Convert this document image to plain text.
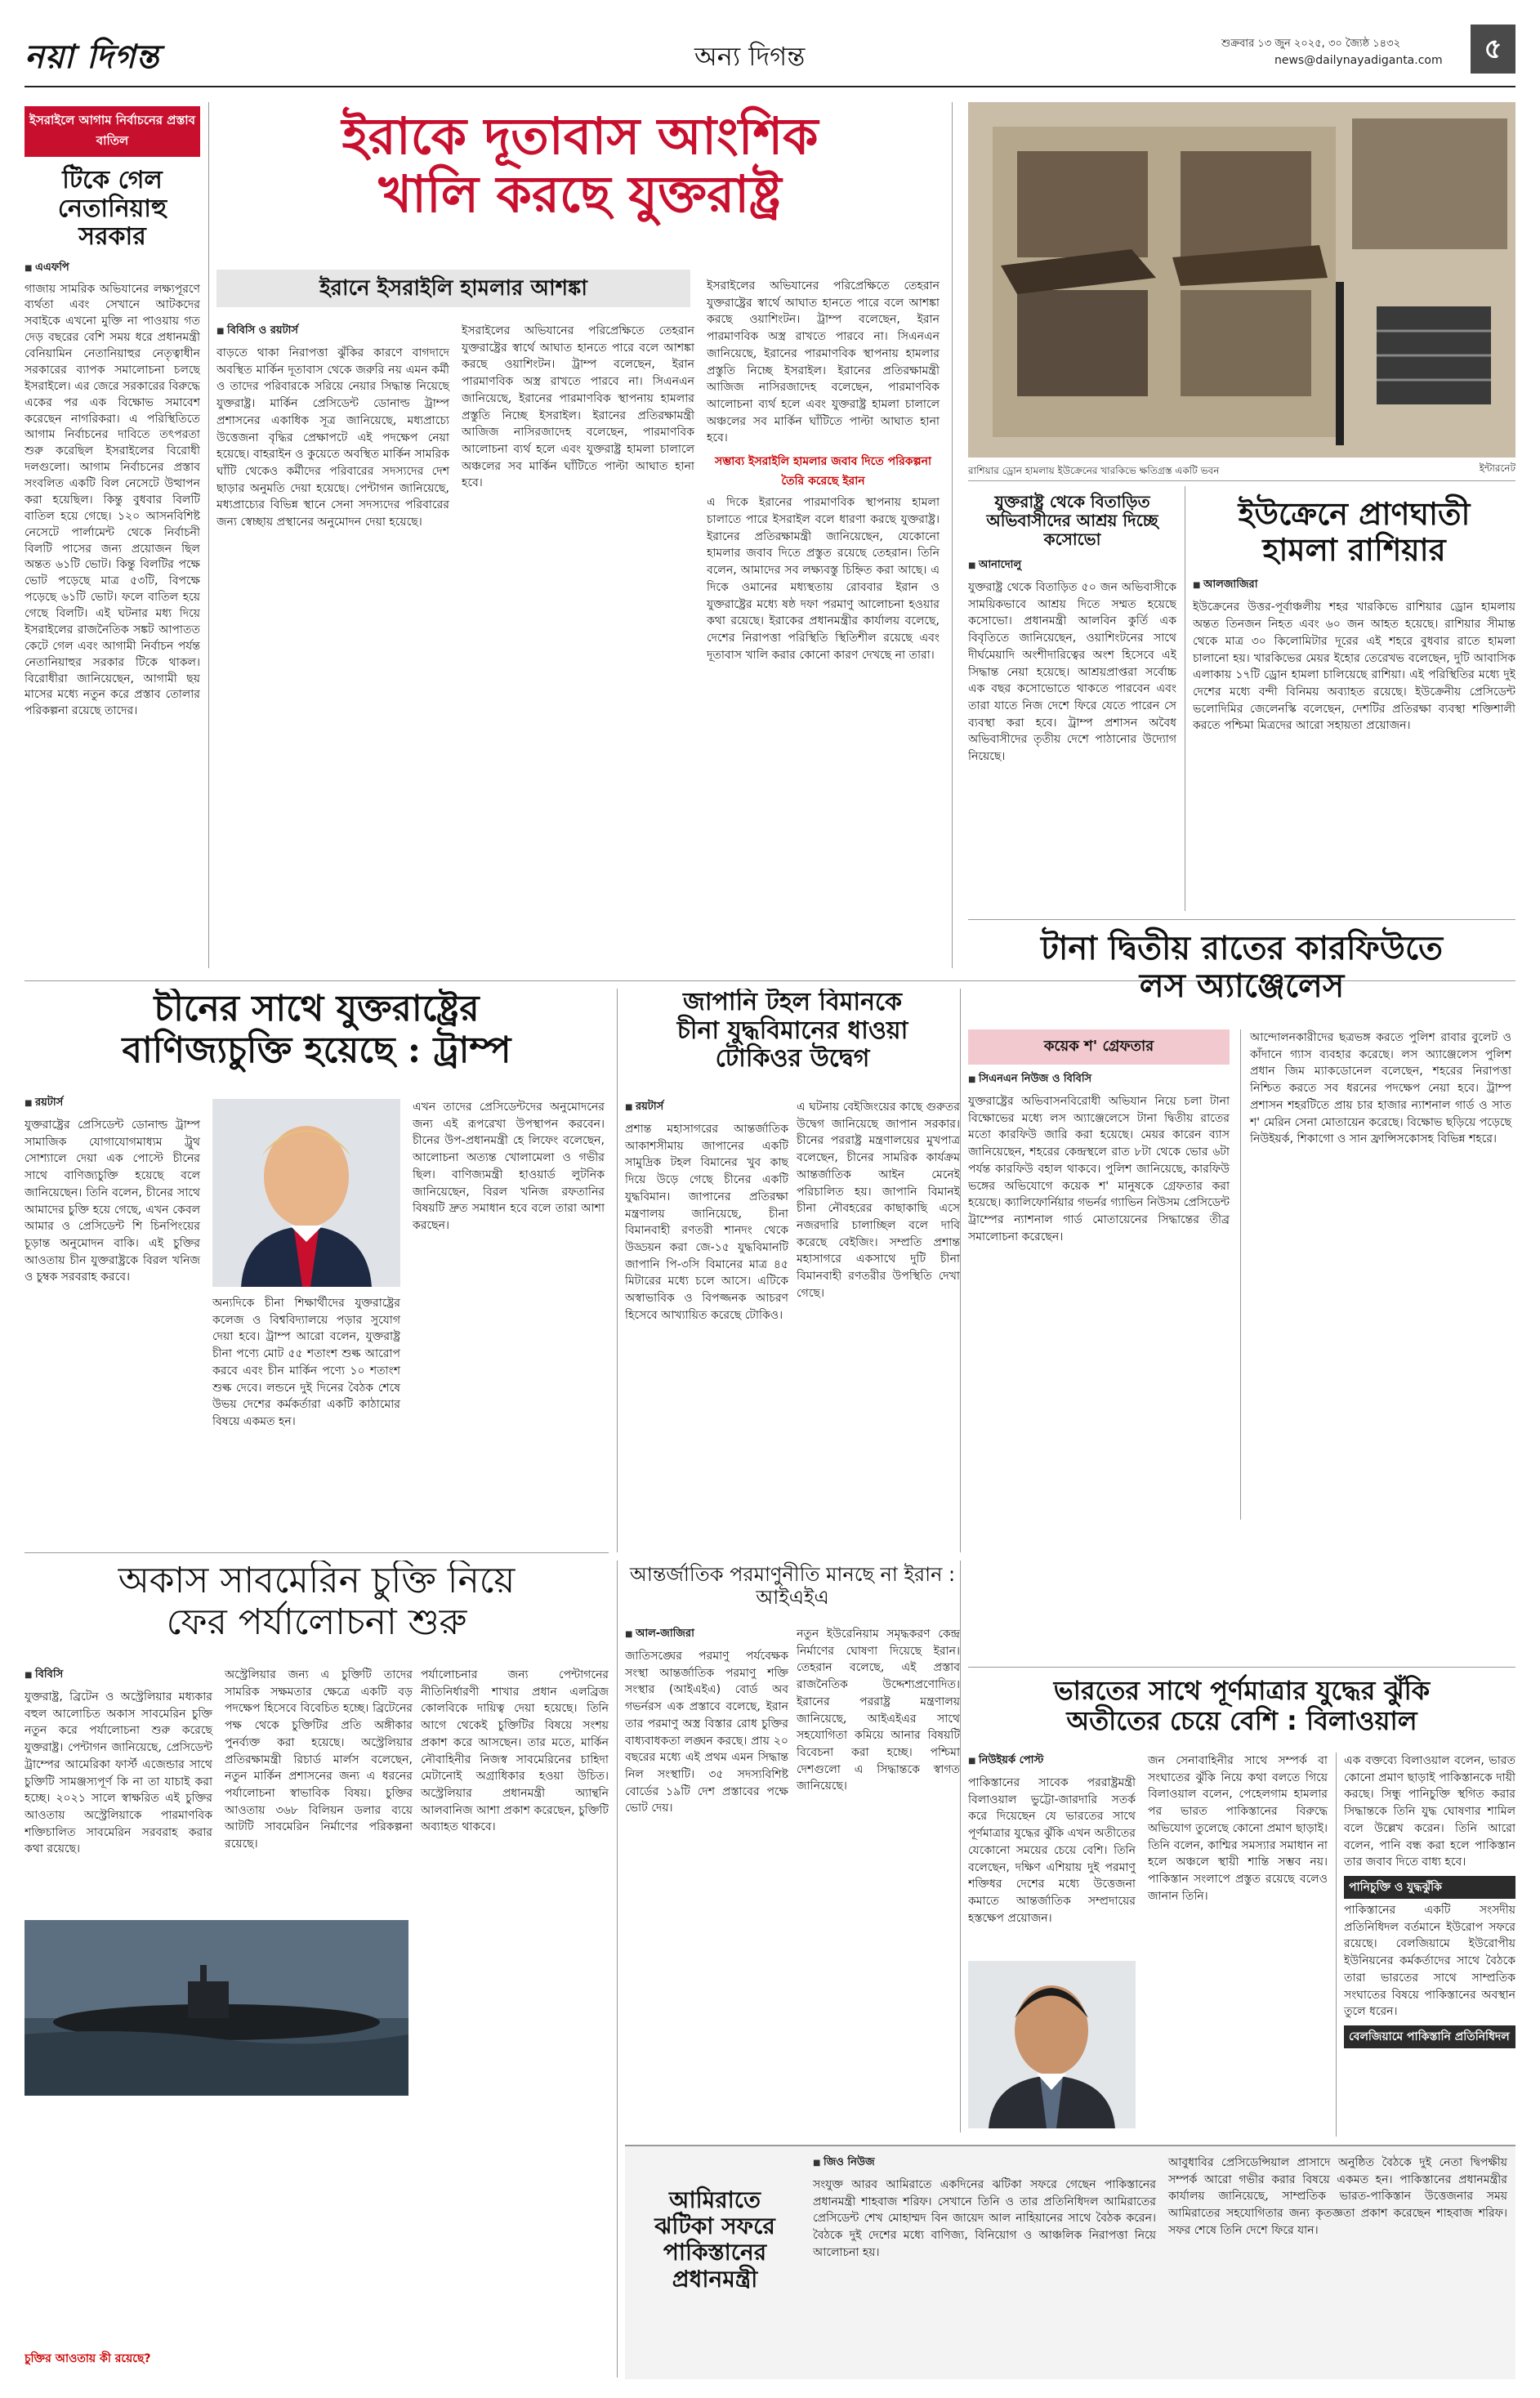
নয়া দিগন্ত	অন্য দিগন্ত	শুক্রবার ১৩ জুন ২০২৫, ৩০ জ্যৈষ্ঠ ১৪৩২
news@dailynayadiganta.com	৫
ইসরাইলে আগাম নির্বাচনের প্রস্তাব বাতিল
টিকে গেল নেতানিয়াহু সরকার
■ এএফপি
গাজায় সামরিক অভিযানের লক্ষ্যপূরণে ব্যর্থতা এবং সেখানে আটকদের সবাইকে এখনো মুক্তি না পাওয়ায় গত দেড় বছরের বেশি সময় ধরে প্রধানমন্ত্রী বেনিয়ামিন নেতানিয়াহুর নেতৃত্বাধীন সরকারের ব্যাপক সমালোচনা চলছে ইসরাইলে। এর জেরে সরকারের বিরুদ্ধে একের পর এক বিক্ষোভ সমাবেশ করেছেন নাগরিকরা। এ পরিস্থিতিতে আগাম নির্বাচনের দাবিতে তৎপরতা শুরু করেছিল ইসরাইলের বিরোধী দলগুলো। আগাম নির্বাচনের প্রস্তাব সংবলিত একটি বিল নেসেটে উত্থাপন করা হয়েছিল। কিন্তু বুধবার বিলটি বাতিল হয়ে গেছে। ১২০ আসনবিশিষ্ট নেসেটে পার্লামেন্ট থেকে নির্বাচনী বিলটি পাসের জন্য প্রয়োজন ছিল অন্তত ৬১টি ভোট। কিন্তু বিলটির পক্ষে ভোট পড়েছে মাত্র ৫৩টি, বিপক্ষে পড়েছে ৬১টি ভোট। ফলে বাতিল হয়ে গেছে বিলটি। এই ঘটনার মধ্য দিয়ে ইসরাইলের রাজনৈতিক সঙ্কট আপাতত কেটে গেল এবং আগামী নির্বাচন পর্যন্ত নেতানিয়াহুর সরকার টিকে থাকল। বিরোধীরা জানিয়েছেন, আগামী ছয় মাসের মধ্যে নতুন করে প্রস্তাব তোলার পরিকল্পনা রয়েছে তাদের।
ইরাকে দূতাবাস আংশিক
খালি করছে যুক্তরাষ্ট্র
ইরানে ইসরাইলি হামলার আশঙ্কা
■ বিবিসি ও রয়টার্স
বাড়তে থাকা নিরাপত্তা ঝুঁকির কারণে বাগদাদে অবস্থিত মার্কিন দূতাবাস থেকে জরুরি নয় এমন কর্মী ও তাদের পরিবারকে সরিয়ে নেয়ার সিদ্ধান্ত নিয়েছে যুক্তরাষ্ট্র। মার্কিন প্রেসিডেন্ট ডোনাল্ড ট্রাম্প প্রশাসনের একাধিক সূত্র জানিয়েছে, মধ্যপ্রাচ্যে উত্তেজনা বৃদ্ধির প্রেক্ষাপটে এই পদক্ষেপ নেয়া হয়েছে। বাহরাইন ও কুয়েতে অবস্থিত মার্কিন সামরিক ঘাঁটি থেকেও কর্মীদের পরিবারের সদস্যদের দেশ ছাড়ার অনুমতি দেয়া হয়েছে। পেন্টাগন জানিয়েছে, মধ্যপ্রাচ্যের বিভিন্ন স্থানে সেনা সদস্যদের পরিবারের জন্য স্বেচ্ছায় প্রস্থানের অনুমোদন দেয়া হয়েছে।
ইসরাইলের অভিযানের পরিপ্রেক্ষিতে তেহরান যুক্তরাষ্ট্রের স্বার্থে আঘাত হানতে পারে বলে আশঙ্কা করছে ওয়াশিংটন। ট্রাম্প বলেছেন, ইরান পারমাণবিক অস্ত্র রাখতে পারবে না। সিএনএন জানিয়েছে, ইরানের পারমাণবিক স্থাপনায় হামলার প্রস্তুতি নিচ্ছে ইসরাইল। ইরানের প্রতিরক্ষামন্ত্রী আজিজ নাসিরজাদেহ বলেছেন, পারমাণবিক আলোচনা ব্যর্থ হলে এবং যুক্তরাষ্ট্র হামলা চালালে অঞ্চলের সব মার্কিন ঘাঁটিতে পাল্টা আঘাত হানা হবে।
ইসরাইলের অভিযানের পরিপ্রেক্ষিতে তেহরান যুক্তরাষ্ট্রের স্বার্থে আঘাত হানতে পারে বলে আশঙ্কা করছে ওয়াশিংটন। ট্রাম্প বলেছেন, ইরান পারমাণবিক অস্ত্র রাখতে পারবে না। সিএনএন জানিয়েছে, ইরানের পারমাণবিক স্থাপনায় হামলার প্রস্তুতি নিচ্ছে ইসরাইল। ইরানের প্রতিরক্ষামন্ত্রী আজিজ নাসিরজাদেহ বলেছেন, পারমাণবিক আলোচনা ব্যর্থ হলে এবং যুক্তরাষ্ট্র হামলা চালালে অঞ্চলের সব মার্কিন ঘাঁটিতে পাল্টা আঘাত হানা হবে।
সম্ভাব্য ইসরাইলি হামলার জবাব দিতে পরিকল্পনা তৈরি করেছে ইরান
এ দিকে ইরানের পারমাণবিক স্থাপনায় হামলা চালাতে পারে ইসরাইল বলে ধারণা করছে যুক্তরাষ্ট্র। ইরানের প্রতিরক্ষামন্ত্রী জানিয়েছেন, যেকোনো হামলার জবাব দিতে প্রস্তুত রয়েছে তেহরান। তিনি বলেন, আমাদের সব লক্ষ্যবস্তু চিহ্নিত করা আছে। এ দিকে ওমানের মধ্যস্থতায় রোববার ইরান ও যুক্তরাষ্ট্রের মধ্যে ষষ্ঠ দফা পরমাণু আলোচনা হওয়ার কথা রয়েছে। ইরাকের প্রধানমন্ত্রীর কার্যালয় বলেছে, দেশের নিরাপত্তা পরিস্থিতি স্থিতিশীল রয়েছে এবং দূতাবাস খালি করার কোনো কারণ দেখছে না তারা।
রাশিয়ার ড্রোন হামলায় ইউক্রেনের খারকিভে ক্ষতিগ্রস্ত একটি ভবন	ইন্টারনেট
যুক্তরাষ্ট্র থেকে বিতাড়িত অভিবাসীদের আশ্রয় দিচ্ছে কসোভো
■ আনাদোলু
যুক্তরাষ্ট্র থেকে বিতাড়িত ৫০ জন অভিবাসীকে সাময়িকভাবে আশ্রয় দিতে সম্মত হয়েছে কসোভো। প্রধানমন্ত্রী আলবিন কুর্তি এক বিবৃতিতে জানিয়েছেন, ওয়াশিংটনের সাথে দীর্ঘমেয়াদি অংশীদারিত্বের অংশ হিসেবে এই সিদ্ধান্ত নেয়া হয়েছে। আশ্রয়প্রাপ্তরা সর্বোচ্চ এক বছর কসোভোতে থাকতে পারবেন এবং তারা যাতে নিজ দেশে ফিরে যেতে পারেন সে ব্যবস্থা করা হবে। ট্রাম্প প্রশাসন অবৈধ অভিবাসীদের তৃতীয় দেশে পাঠানোর উদ্যোগ নিয়েছে।
ইউক্রেনে প্রাণঘাতী
হামলা রাশিয়ার
■ আলজাজিরা
ইউক্রেনের উত্তর-পূর্বাঞ্চলীয় শহর খারকিভে রাশিয়ার ড্রোন হামলায় অন্তত তিনজন নিহত এবং ৬০ জন আহত হয়েছে। রাশিয়ার সীমান্ত থেকে মাত্র ৩০ কিলোমিটার দূরের এই শহরে বুধবার রাতে হামলা চালানো হয়। খারকিভের মেয়র ইহোর তেরেখভ বলেছেন, দুটি আবাসিক এলাকায় ১৭টি ড্রোন হামলা চালিয়েছে রাশিয়া। এই পরিস্থিতির মধ্যে দুই দেশের মধ্যে বন্দী বিনিময় অব্যাহত রয়েছে। ইউক্রেনীয় প্রেসিডেন্ট ভলোদিমির জেলেনস্কি বলেছেন, দেশটির প্রতিরক্ষা ব্যবস্থা শক্তিশালী করতে পশ্চিমা মিত্রদের আরো সহায়তা প্রয়োজন।
টানা দ্বিতীয় রাতের কারফিউতে
লস অ্যাঞ্জেলেস
কয়েক শ' গ্রেফতার
■ সিএনএন নিউজ ও বিবিসি
যুক্তরাষ্ট্রের অভিবাসনবিরোধী অভিযান নিয়ে চলা টানা বিক্ষোভের মধ্যে লস অ্যাঞ্জেলেসে টানা দ্বিতীয় রাতের মতো কারফিউ জারি করা হয়েছে। মেয়র কারেন ব্যাস জানিয়েছেন, শহরের কেন্দ্রস্থলে রাত ৮টা থেকে ভোর ৬টা পর্যন্ত কারফিউ বহাল থাকবে। পুলিশ জানিয়েছে, কারফিউ ভঙ্গের অভিযোগে কয়েক শ' মানুষকে গ্রেফতার করা হয়েছে। ক্যালিফোর্নিয়ার গভর্নর গ্যাভিন নিউসম প্রেসিডেন্ট ট্রাম্পের ন্যাশনাল গার্ড মোতায়েনের সিদ্ধান্তের তীব্র সমালোচনা করেছেন।
আন্দোলনকারীদের ছত্রভঙ্গ করতে পুলিশ রাবার বুলেট ও কাঁদানে গ্যাস ব্যবহার করেছে। লস অ্যাঞ্জেলেস পুলিশ প্রধান জিম ম্যাকডোনেল বলেছেন, শহরের নিরাপত্তা নিশ্চিত করতে সব ধরনের পদক্ষেপ নেয়া হবে। ট্রাম্প প্রশাসন শহরটিতে প্রায় চার হাজার ন্যাশনাল গার্ড ও সাত শ' মেরিন সেনা মোতায়েন করেছে। বিক্ষোভ ছড়িয়ে পড়েছে নিউইয়র্ক, শিকাগো ও সান ফ্রান্সিসকোসহ বিভিন্ন শহরে।
চীনের সাথে যুক্তরাষ্ট্রের
বাণিজ্যচুক্তি হয়েছে : ট্রাম্প
■ রয়টার্স
যুক্তরাষ্ট্রের প্রেসিডেন্ট ডোনাল্ড ট্রাম্প সামাজিক যোগাযোগমাধ্যম ট্রুথ সোশ্যালে দেয়া এক পোস্টে চীনের সাথে বাণিজ্যচুক্তি হয়েছে বলে জানিয়েছেন। তিনি বলেন, চীনের সাথে আমাদের চুক্তি হয়ে গেছে, এখন কেবল আমার ও প্রেসিডেন্ট শি চিনপিংয়ের চূড়ান্ত অনুমোদন বাকি। এই চুক্তির আওতায় চীন যুক্তরাষ্ট্রকে বিরল খনিজ ও চুম্বক সরবরাহ করবে।
অন্যদিকে চীনা শিক্ষার্থীদের যুক্তরাষ্ট্রের কলেজ ও বিশ্ববিদ্যালয়ে পড়ার সুযোগ দেয়া হবে। ট্রাম্প আরো বলেন, যুক্তরাষ্ট্র চীনা পণ্যে মোট ৫৫ শতাংশ শুল্ক আরোপ করবে এবং চীন মার্কিন পণ্যে ১০ শতাংশ শুল্ক দেবে। লন্ডনে দুই দিনের বৈঠক শেষে উভয় দেশের কর্মকর্তারা একটি কাঠামোর বিষয়ে একমত হন।
এখন তাদের প্রেসিডেন্টদের অনুমোদনের জন্য এই রূপরেখা উপস্থাপন করবেন। চীনের উপ-প্রধানমন্ত্রী হে লিফেং বলেছেন, আলোচনা অত্যন্ত খোলামেলা ও গভীর ছিল। বাণিজ্যমন্ত্রী হাওয়ার্ড লুটনিক জানিয়েছেন, বিরল খনিজ রফতানির বিষয়টি দ্রুত সমাধান হবে বলে তারা আশা করছেন।
জাপানি টহল বিমানকে
চীনা যুদ্ধবিমানের ধাওয়া
টোকিওর উদ্বেগ
■ রয়টার্স
প্রশান্ত মহাসাগরের আন্তর্জাতিক আকাশসীমায় জাপানের একটি সামুদ্রিক টহল বিমানের খুব কাছ দিয়ে উড়ে গেছে চীনের একটি যুদ্ধবিমান। জাপানের প্রতিরক্ষা মন্ত্রণালয় জানিয়েছে, চীনা বিমানবাহী রণতরী শানদং থেকে উড্ডয়ন করা জে-১৫ যুদ্ধবিমানটি জাপানি পি-৩সি বিমানের মাত্র ৪৫ মিটারের মধ্যে চলে আসে। এটিকে অস্বাভাবিক ও বিপজ্জনক আচরণ হিসেবে আখ্যায়িত করেছে টোকিও।
এ ঘটনায় বেইজিংয়ের কাছে গুরুতর উদ্বেগ জানিয়েছে জাপান সরকার। চীনের পররাষ্ট্র মন্ত্রণালয়ের মুখপাত্র বলেছেন, চীনের সামরিক কার্যক্রম আন্তর্জাতিক আইন মেনেই পরিচালিত হয়। জাপানি বিমানই চীনা নৌবহরের কাছাকাছি এসে নজরদারি চালাচ্ছিল বলে দাবি করেছে বেইজিং। সম্প্রতি প্রশান্ত মহাসাগরে একসাথে দুটি চীনা বিমানবাহী রণতরীর উপস্থিতি দেখা গেছে।
অকাস সাবমেরিন চুক্তি নিয়ে
ফের পর্যালোচনা শুরু
■ বিবিসি
যুক্তরাষ্ট্র, ব্রিটেন ও অস্ট্রেলিয়ার মধ্যকার বহুল আলোচিত অকাস সাবমেরিন চুক্তি নতুন করে পর্যালোচনা শুরু করেছে যুক্তরাষ্ট্র। পেন্টাগন জানিয়েছে, প্রেসিডেন্ট ট্রাম্পের আমেরিকা ফার্স্ট এজেন্ডার সাথে চুক্তিটি সামঞ্জস্যপূর্ণ কি না তা যাচাই করা হচ্ছে। ২০২১ সালে স্বাক্ষরিত এই চুক্তির আওতায় অস্ট্রেলিয়াকে পারমাণবিক শক্তিচালিত সাবমেরিন সরবরাহ করার কথা রয়েছে।
অস্ট্রেলিয়ার জন্য এ চুক্তিটি তাদের সামরিক সক্ষমতার ক্ষেত্রে একটি বড় পদক্ষেপ হিসেবে বিবেচিত হচ্ছে। ব্রিটেনের পক্ষ থেকে চুক্তিটির প্রতি অঙ্গীকার পুনর্ব্যক্ত করা হয়েছে। অস্ট্রেলিয়ার প্রতিরক্ষামন্ত্রী রিচার্ড মার্লস বলেছেন, নতুন মার্কিন প্রশাসনের জন্য এ ধরনের পর্যালোচনা স্বাভাবিক বিষয়। চুক্তির আওতায় ৩৬৮ বিলিয়ন ডলার ব্যয়ে আটটি সাবমেরিন নির্মাণের পরিকল্পনা রয়েছে।
পর্যালোচনার জন্য পেন্টাগনের নীতিনির্ধারণী শাখার প্রধান এলব্রিজ কোলবিকে দায়িত্ব দেয়া হয়েছে। তিনি আগে থেকেই চুক্তিটির বিষয়ে সংশয় প্রকাশ করে আসছেন। তার মতে, মার্কিন নৌবাহিনীর নিজস্ব সাবমেরিনের চাহিদা মেটানোই অগ্রাধিকার হওয়া উচিত। অস্ট্রেলিয়ার প্রধানমন্ত্রী অ্যান্থনি আলবানিজ আশা প্রকাশ করেছেন, চুক্তিটি অব্যাহত থাকবে।
চুক্তির আওতায় কী রয়েছে?
আন্তর্জাতিক পরমাণুনীতি মানছে না ইরান : আইএইএ
■ আল-জাজিরা
জাতিসঙ্ঘের পরমাণু পর্যবেক্ষক সংস্থা আন্তর্জাতিক পরমাণু শক্তি সংস্থার (আইএইএ) বোর্ড অব গভর্নরস এক প্রস্তাবে বলেছে, ইরান তার পরমাণু অস্ত্র বিস্তার রোধ চুক্তির বাধ্যবাধকতা লঙ্ঘন করছে। প্রায় ২০ বছরের মধ্যে এই প্রথম এমন সিদ্ধান্ত নিল সংস্থাটি। ৩৫ সদস্যবিশিষ্ট বোর্ডের ১৯টি দেশ প্রস্তাবের পক্ষে ভোট দেয়।
নতুন ইউরেনিয়াম সমৃদ্ধকরণ কেন্দ্র নির্মাণের ঘোষণা দিয়েছে ইরান। তেহরান বলেছে, এই প্রস্তাব রাজনৈতিক উদ্দেশ্যপ্রণোদিত। ইরানের পররাষ্ট্র মন্ত্রণালয় জানিয়েছে, আইএইএর সাথে সহযোগিতা কমিয়ে আনার বিষয়টি বিবেচনা করা হচ্ছে। পশ্চিমা দেশগুলো এ সিদ্ধান্তকে স্বাগত জানিয়েছে।
ভারতের সাথে পূর্ণমাত্রার যুদ্ধের ঝুঁকি
অতীতের চেয়ে বেশি : বিলাওয়াল
■ নিউইয়র্ক পোস্ট
পাকিস্তানের সাবেক পররাষ্ট্রমন্ত্রী বিলাওয়াল ভুট্টো-জারদারি সতর্ক করে দিয়েছেন যে ভারতের সাথে পূর্ণমাত্রার যুদ্ধের ঝুঁকি এখন অতীতের যেকোনো সময়ের চেয়ে বেশি। তিনি বলেছেন, দক্ষিণ এশিয়ায় দুই পরমাণু শক্তিধর দেশের মধ্যে উত্তেজনা কমাতে আন্তর্জাতিক সম্প্রদায়ের হস্তক্ষেপ প্রয়োজন।
জন সেনাবাহিনীর সাথে সম্পর্ক বা সংঘাতের ঝুঁকি নিয়ে কথা বলতে গিয়ে বিলাওয়াল বলেন, পেহেলগাম হামলার পর ভারত পাকিস্তানের বিরুদ্ধে অভিযোগ তুলেছে কোনো প্রমাণ ছাড়াই। তিনি বলেন, কাশ্মির সমস্যার সমাধান না হলে অঞ্চলে স্থায়ী শান্তি সম্ভব নয়। পাকিস্তান সংলাপে প্রস্তুত রয়েছে বলেও জানান তিনি।
এক বক্তব্যে বিলাওয়াল বলেন, ভারত কোনো প্রমাণ ছাড়াই পাকিস্তানকে দায়ী করছে। সিন্ধু পানিচুক্তি স্থগিত করার সিদ্ধান্তকে তিনি যুদ্ধ ঘোষণার শামিল বলে উল্লেখ করেন। তিনি আরো বলেন, পানি বন্ধ করা হলে পাকিস্তান তার জবাব দিতে বাধ্য হবে।
পানিচুক্তি ও যুদ্ধঝুঁকি
পাকিস্তানের একটি সংসদীয় প্রতিনিধিদল বর্তমানে ইউরোপ সফরে রয়েছে। বেলজিয়ামে ইউরোপীয় ইউনিয়নের কর্মকর্তাদের সাথে বৈঠকে তারা ভারতের সাথে সাম্প্রতিক সংঘাতের বিষয়ে পাকিস্তানের অবস্থান তুলে ধরেন।
বেলজিয়ামে পাকিস্তানি প্রতিনিধিদল
আমিরাতে
ঝটিকা সফরে
পাকিস্তানের
প্রধানমন্ত্রী
■ জিও নিউজ
সংযুক্ত আরব আমিরাতে একদিনের ঝটিকা সফরে গেছেন পাকিস্তানের প্রধানমন্ত্রী শাহবাজ শরিফ। সেখানে তিনি ও তার প্রতিনিধিদল আমিরাতের প্রেসিডেন্ট শেখ মোহাম্মদ বিন জায়েদ আল নাহিয়ানের সাথে বৈঠক করেন। বৈঠকে দুই দেশের মধ্যে বাণিজ্য, বিনিয়োগ ও আঞ্চলিক নিরাপত্তা নিয়ে আলোচনা হয়।
আবুধাবির প্রেসিডেন্সিয়াল প্রাসাদে অনুষ্ঠিত বৈঠকে দুই নেতা দ্বিপক্ষীয় সম্পর্ক আরো গভীর করার বিষয়ে একমত হন। পাকিস্তানের প্রধানমন্ত্রীর কার্যালয় জানিয়েছে, সাম্প্রতিক ভারত-পাকিস্তান উত্তেজনার সময় আমিরাতের সহযোগিতার জন্য কৃতজ্ঞতা প্রকাশ করেছেন শাহবাজ শরিফ। সফর শেষে তিনি দেশে ফিরে যান।
